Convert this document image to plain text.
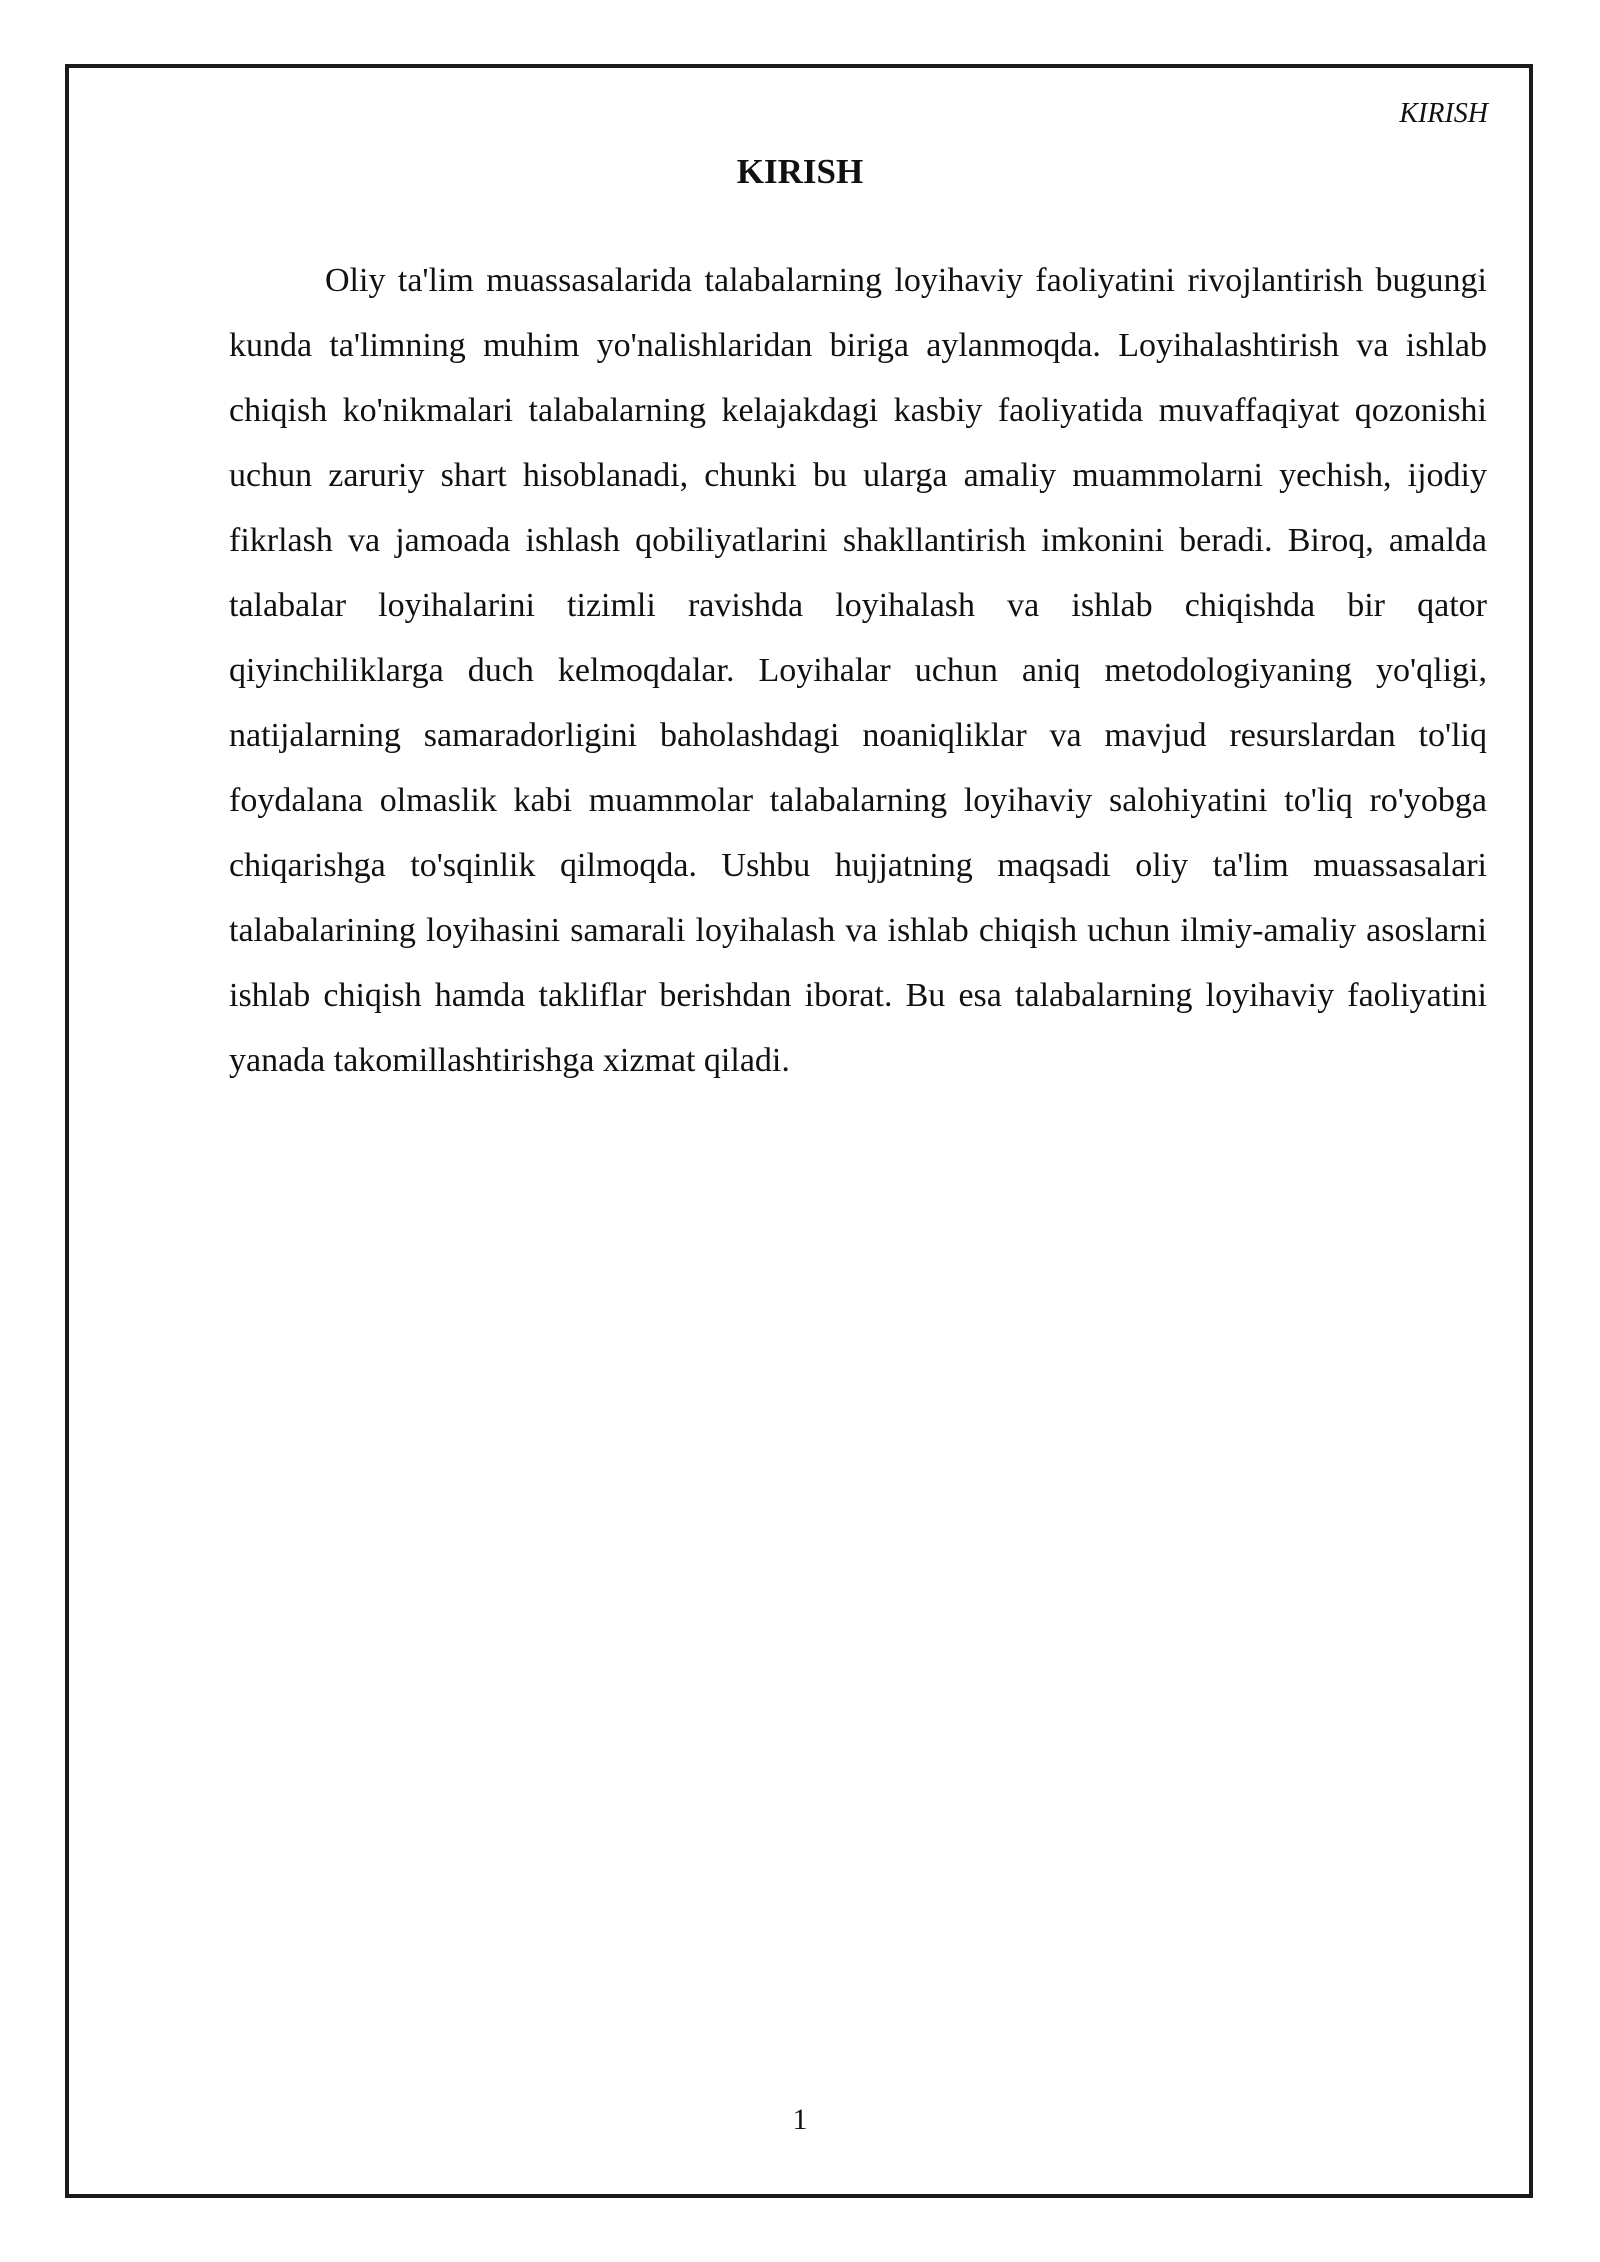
KIRISH
KIRISH

Oliy ta'lim muassasalarida talabalarning loyihaviy faoliyatini rivojlantirish bugungi kunda ta'limning muhim yo'nalishlaridan biriga aylanmoqda. Loyihalashtirish va ishlab chiqish ko'nikmalari talabalarning kelajakdagi kasbiy faoliyatida muvaffaqiyat qozonishi uchun zaruriy shart hisoblanadi, chunki bu ularga amaliy muammolarni yechish, ijodiy fikrlash va jamoada ishlash qobiliyatlarini shakllantirish imkonini beradi. Biroq, amalda talabalar loyihalarini tizimli ravishda loyihalash va ishlab chiqishda bir qator qiyinchiliklarga duch kelmoqdalar. Loyihalar uchun aniq metodologiyaning yo'qligi, natijalarning samaradorligini baholashdagi noaniqliklar va mavjud resurslardan to'liq foydalana olmaslik kabi muammolar talabalarning loyihaviy salohiyatini to'liq ro'yobga chiqarishga to'sqinlik qilmoqda. Ushbu hujjatning maqsadi oliy ta'lim muassasalari talabalarining loyihasini samarali loyihalash va ishlab chiqish uchun ilmiy-amaliy asoslarni ishlab chiqish hamda takliflar berishdan iborat. Bu esa talabalarning loyihaviy faoliyatini yanada takomillashtirishga xizmat qiladi.

1
